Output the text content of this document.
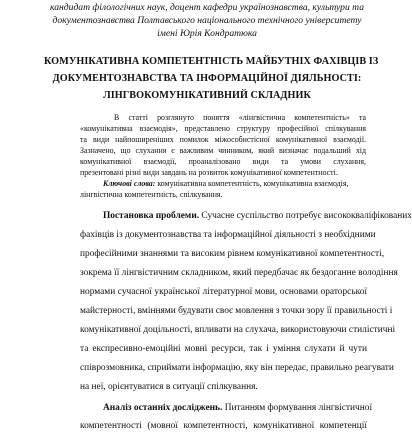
кандидат філологічних наук, доцент кафедри українознавства, культури та
документознавства Полтавського національного технічного університету
імені Юрія Кондратюка
КОМУНІКАТИВНА КОМПЕТЕНТНІСТЬ МАЙБУТНІХ ФАХІВЦІВ ІЗ
ДОКУМЕНТОЗНАВСТВА ТА ІНФОРМАЦІЙНОЇ ДІЯЛЬНОСТІ:
ЛІНГВОКОМУНІКАТИВНИЙ СКЛАДНИК
В статті розглянуто поняття «лінгвістична компетентність» та
«комунікативна взаємодія», представлено структуру професійної спілкування
та види найпоширеніших помилок міжособистісної комунікативної взаємодії.
Зазначено, що слухання є важливим чинником, який визначає подальший хід
комунікативної взаємодії, проаналізовано види та умови слухання,
презентовані різні види завдань на розвиток комунікативної компетентності.
Ключові слова: комунікативна компетентність, комунікативна взаємодія,
лінгвістична компетентність, спілкування.
Постановка проблеми. Сучасне суспільство потребує висококваліфікованих
фахівців із документознавства та інформаційної діяльності з необхідними
професійними знаннями та високим рівнем комунікативної компетентності,
зокрема її лінгвістичним складником, який передбачає як бездоганне володіння
нормами сучасної української літературної мови, основами ораторської
майстерності, вміннями будувати своє мовлення з точки зору її правильності і
комунікативної доцільності, впливати на слухача, використовуючи стилістичні
та експресивно-емоційні мовні ресурси, так і уміння слухати й чути
співрозмовника, сприймати інформацію, яку він передає, правильно реагувати
на неї, орієнтуватися в ситуації спілкування.
Аналіз останніх досліджень. Питанням формування лінгвістичної
компетентності (мовної компетентності, комунікативної компетенції
